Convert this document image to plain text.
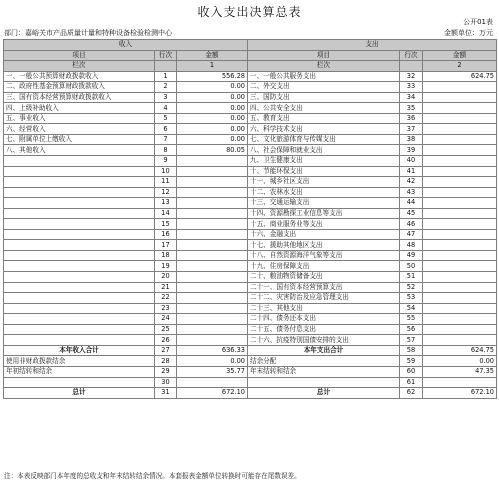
收入支出决算总表
公开01表
部门：嘉峪关市产品质量计量和特种设备检验检测中心	金额单位：万元
收入			支出		
项目	行次	金额	项目	行次	金额
栏次		1	栏次		2
一、一般公共预算财政拨款收入	1	556.28	一、一般公共服务支出	32	624.75
二、政府性基金预算财政拨款收入	2	0.00	二、外交支出	33	
三、国有资本经营预算财政拨款收入	3	0.00	三、国防支出	34	
四、上级补助收入	4	0.00	四、公共安全支出	35	
五、事业收入	5	0.00	五、教育支出	36	
六、经营收入	6	0.00	六、科学技术支出	37	
七、附属单位上缴收入	7	0.00	七、文化旅游体育与传媒支出	38	
八、其他收入	8	80.05	八、社会保障和就业支出	39	
	9		九、卫生健康支出	40	
	10		十、节能环保支出	41	
	11		十一、城乡社区支出	42	
	12		十二、农林水支出	43	
	13		十三、交通运输支出	44	
	14		十四、资源勘探工业信息等支出	45	
	15		十五、商业服务业等支出	46	
	16		十六、金融支出	47	
	17		十七、援助其他地区支出	48	
	18		十八、自然资源海洋气象等支出	49	
	19		十九、住房保障支出	50	
	20		二十、粮油物资储备支出	51	
	21		二十一、国有资本经营预算支出	52	
	22		二十二、灾害防治及应急管理支出	53	
	23		二十三、其他支出	54	
	24		二十四、债务还本支出	55	
	25		二十五、债务付息支出	56	
	26		二十六、抗疫特别国债安排的支出	57	
本年收入合计	27	636.33	本年支出合计	58	624.75
使用非财政拨款结余	28	0.00	结余分配	59	0.00
年初结转和结余	29	35.77	年末结转和结余	60	47.35
	30			61	
总计	31	672.10	总计	62	672.10
注：本表反映部门本年度的总收支和年末结转结余情况。本套报表金额单位转换时可能存在尾数误差。
